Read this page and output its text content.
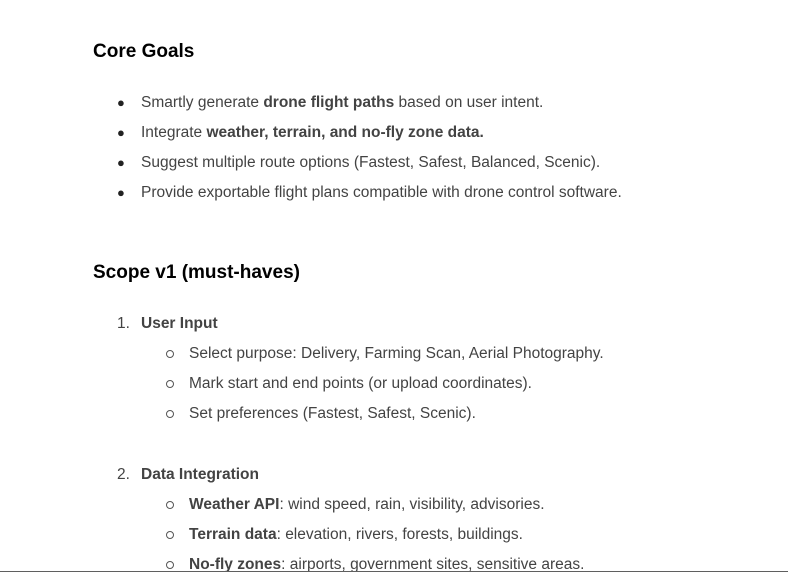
Core Goals
● Smartly generate drone flight paths based on user intent.
● Integrate weather, terrain, and no-fly zone data.
● Suggest multiple route options (Fastest, Safest, Balanced, Scenic).
● Provide exportable flight plans compatible with drone control software.
Scope v1 (must-haves)
1. User Input
Select purpose: Delivery, Farming Scan, Aerial Photography.
Mark start and end points (or upload coordinates).
Set preferences (Fastest, Safest, Scenic).
2. Data Integration
Weather API: wind speed, rain, visibility, advisories.
Terrain data: elevation, rivers, forests, buildings.
No-fly zones: airports, government sites, sensitive areas.
